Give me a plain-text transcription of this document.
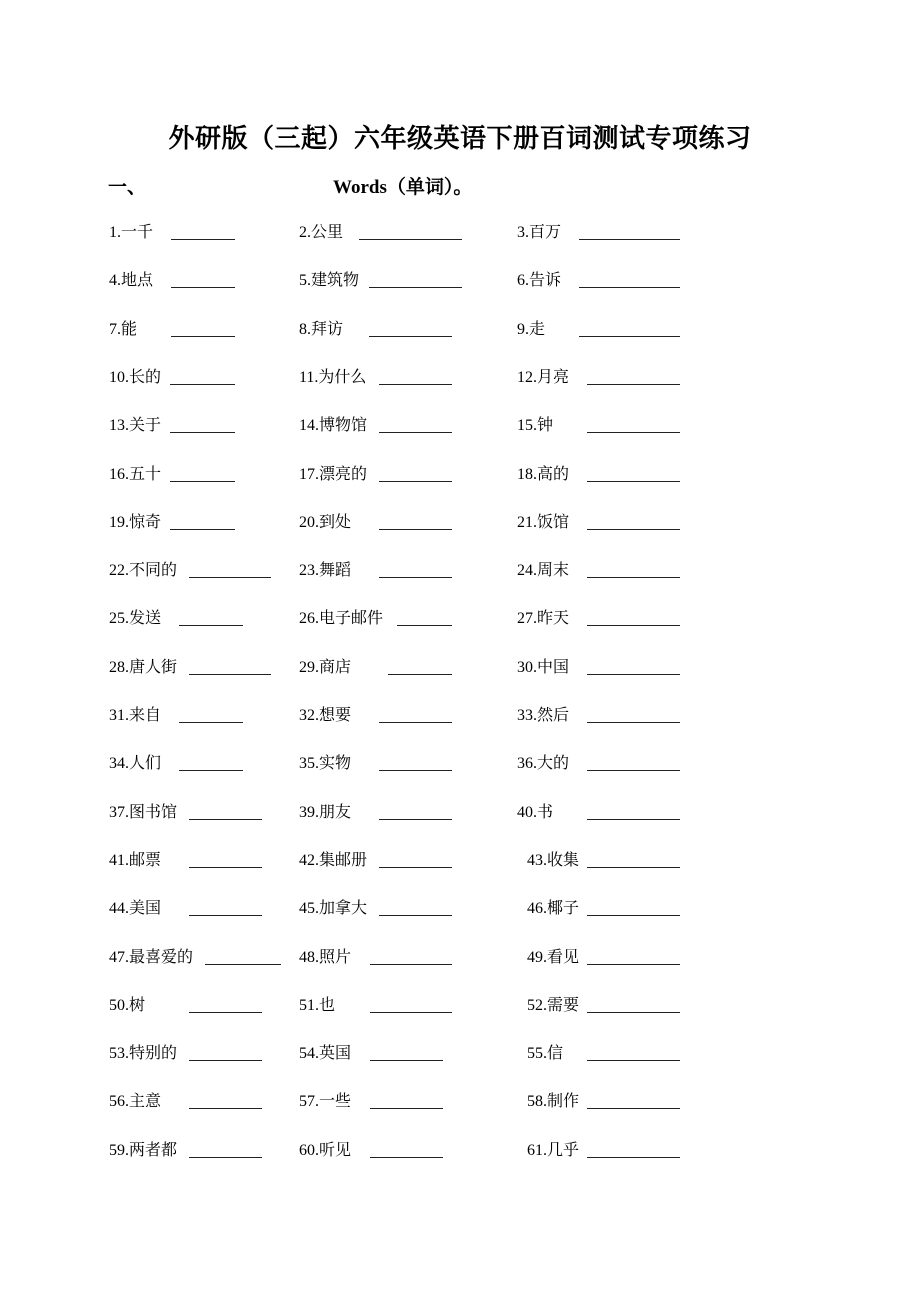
外研版（三起）六年级英语下册百词测试专项练习
一、	Words（单词）。
1.一千	2.公里	3.百万
4.地点	5.建筑物	6.告诉
7.能	8.拜访	9.走
10.长的	11.为什么	12.月亮
13.关于	14.博物馆	15.钟
16.五十	17.漂亮的	18.高的
19.惊奇	20.到处	21.饭馆
22.不同的	23.舞蹈	24.周末
25.发送	26.电子邮件	27.昨天
28.唐人街	29.商店	30.中国
31.来自	32.想要	33.然后
34.人们	35.实物	36.大的
37.图书馆	39.朋友	40.书
41.邮票	42.集邮册	43.收集
44.美国	45.加拿大	46.椰子
47.最喜爱的	48.照片	49.看见
50.树	51.也	52.需要
53.特别的	54.英国	55.信
56.主意	57.一些	58.制作
59.两者都	60.听见	61.几乎
